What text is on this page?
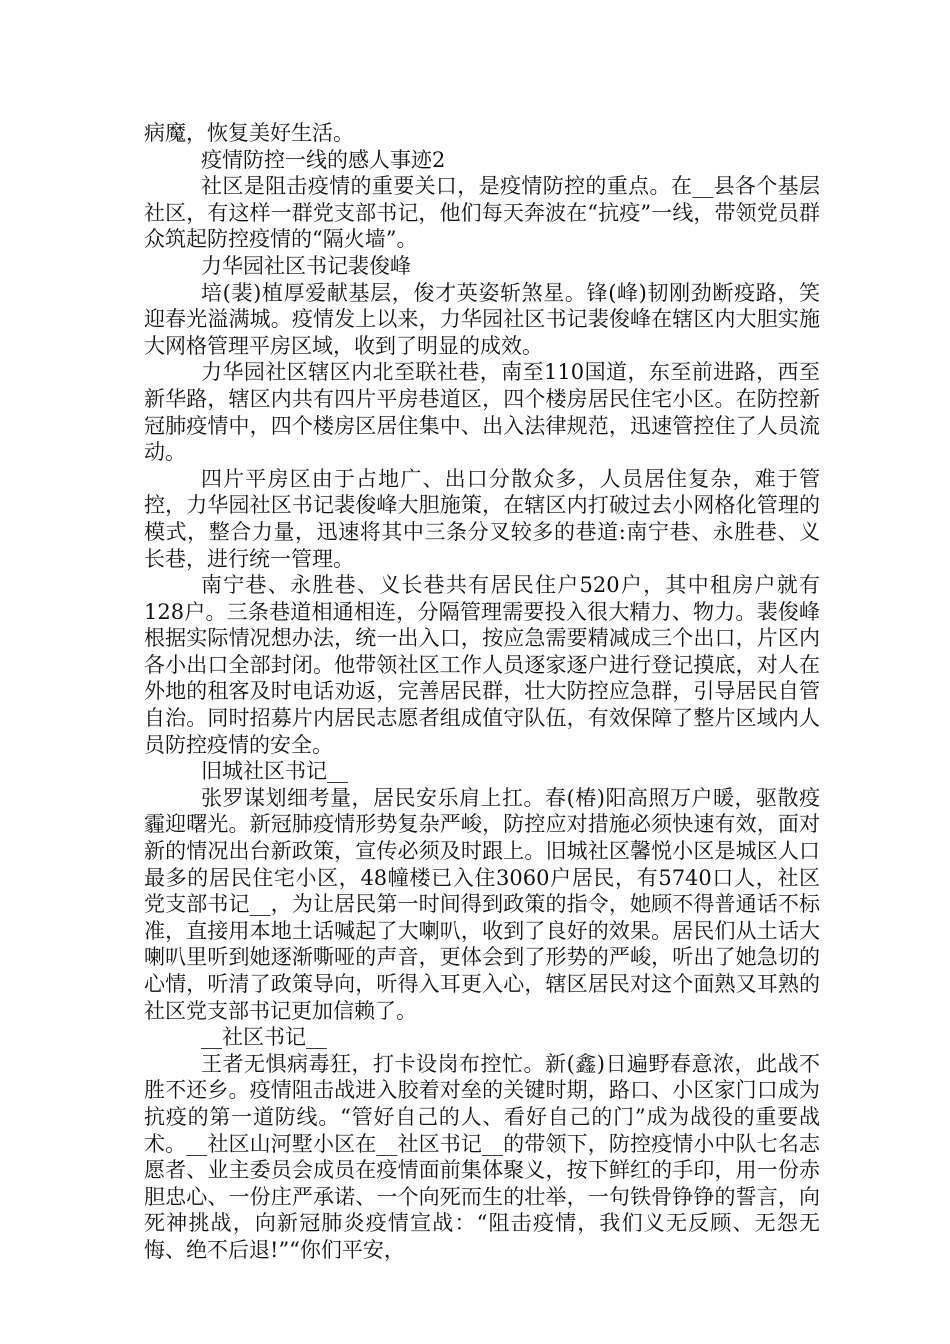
病魔，恢复美好生活。

疫情防控一线的感人事迹2

社区是阻击疫情的重要关口，是疫情防控的重点。在__县各个基层社区，有这样一群党支部书记，他们每天奔波在“抗疫”一线，带领党员群众筑起防控疫情的“隔火墙”。

力华园社区书记裴俊峰

培(裴)植厚爱献基层，俊才英姿斩煞星。锋(峰)韧刚劲断疫路，笑迎春光溢满城。疫情发上以来，力华园社区书记裴俊峰在辖区内大胆实施大网格管理平房区域，收到了明显的成效。

力华园社区辖区内北至联社巷，南至110国道，东至前进路，西至新华路，辖区内共有四片平房巷道区，四个楼房居民住宅小区。在防控新冠肺疫情中，四个楼房区居住集中、出入法律规范，迅速管控住了人员流动。

四片平房区由于占地广、出口分散众多，人员居住复杂，难于管控，力华园社区书记裴俊峰大胆施策，在辖区内打破过去小网格化管理的模式，整合力量，迅速将其中三条分叉较多的巷道:南宁巷、永胜巷、义长巷，进行统一管理。

南宁巷、永胜巷、义长巷共有居民住户520户，其中租房户就有128户。三条巷道相通相连，分隔管理需要投入很大精力、物力。裴俊峰根据实际情况想办法，统一出入口，按应急需要精减成三个出口，片区内各小出口全部封闭。他带领社区工作人员逐家逐户进行登记摸底，对人在外地的租客及时电话劝返，完善居民群，壮大防控应急群，引导居民自管自治。同时招募片内居民志愿者组成值守队伍，有效保障了整片区域内人员防控疫情的安全。

旧城社区书记__

张罗谋划细考量，居民安乐肩上扛。春(椿)阳高照万户暖，驱散疫霾迎曙光。新冠肺疫情形势复杂严峻，防控应对措施必须快速有效，面对新的情况出台新政策，宣传必须及时跟上。旧城社区馨悦小区是城区人口最多的居民住宅小区，48幢楼已入住3060户居民，有5740口人，社区党支部书记__，为让居民第一时间得到政策的指令，她顾不得普通话不标准，直接用本地土话喊起了大喇叭，收到了良好的效果。居民们从土话大喇叭里听到她逐渐嘶哑的声音，更体会到了形势的严峻，听出了她急切的心情，听清了政策导向，听得入耳更入心，辖区居民对这个面熟又耳熟的社区党支部书记更加信赖了。

__社区书记__

王者无惧病毒狂，打卡设岗布控忙。新(鑫)日遍野春意浓，此战不胜不还乡。疫情阻击战进入胶着对垒的关键时期，路口、小区家门口成为抗疫的第一道防线。“管好自己的人、看好自己的门”成为战役的重要战术。__社区山河墅小区在__社区书记__的带领下，防控疫情小中队七名志愿者、业主委员会成员在疫情面前集体聚义，按下鲜红的手印，用一份赤胆忠心、一份庄严承诺、一个向死而生的壮举，一句铁骨铮铮的誓言，向死神挑战，向新冠肺炎疫情宣战：“阻击疫情，我们义无反顾、无怨无悔、绝不后退!”“你们平安，
